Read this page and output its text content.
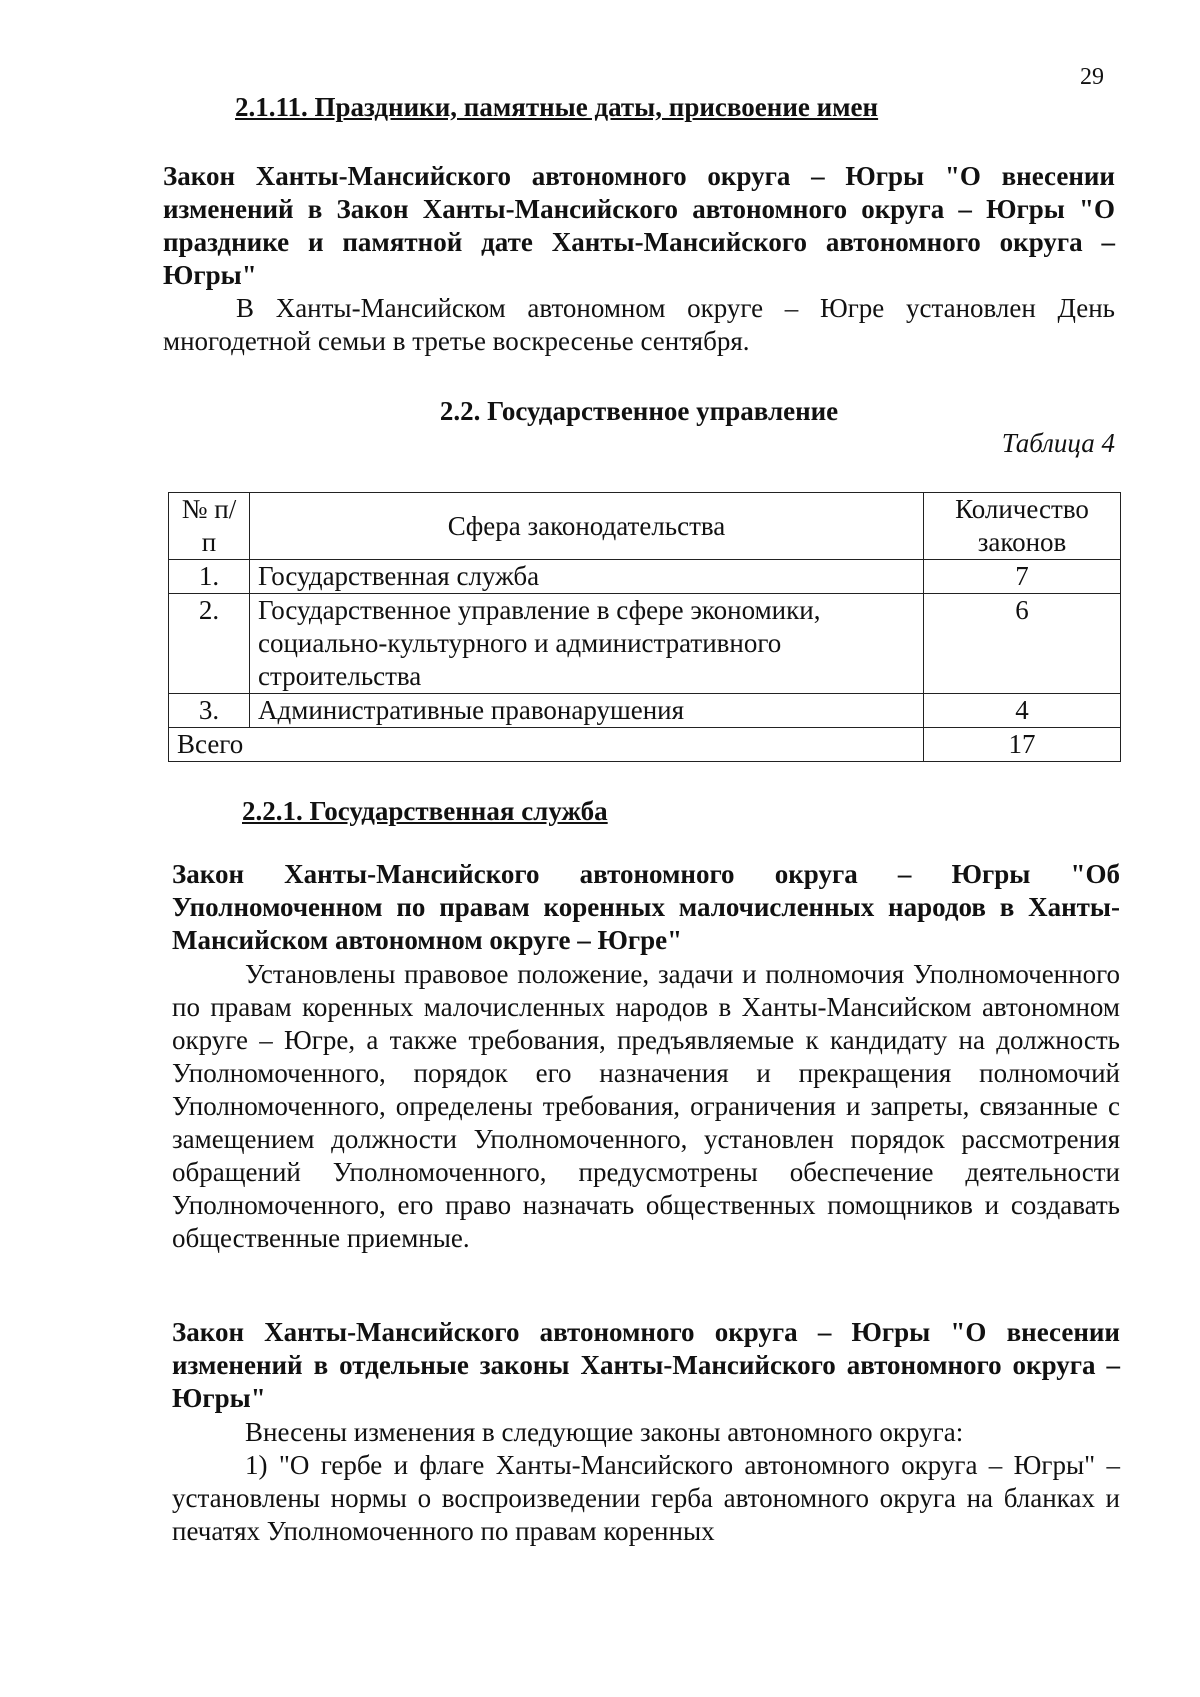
29

2.1.11. Праздники, памятные даты, присвоение имен

Закон Ханты-Мансийского автономного округа – Югры "О внесении изменений в Закон Ханты-Мансийского автономного округа – Югры "О празднике и памятной дате Ханты-Мансийского автономного округа – Югры"

В Ханты-Мансийском автономном округе – Югре установлен День многодетной семьи в третье воскресенье сентября.

2.2. Государственное управление

Таблица 4

№ п/п	Сфера законодательства	Количество законов
1.	Государственная служба	7
2.	Государственное управление в сфере экономики, социально-культурного и административного строительства	6
3.	Административные правонарушения	4
Всего		17

2.2.1. Государственная служба

Закон Ханты-Мансийского автономного округа – Югры "Об Уполномоченном по правам коренных малочисленных народов в Ханты-Мансийском автономном округе – Югре"

Установлены правовое положение, задачи и полномочия Уполномоченного по правам коренных малочисленных народов в Ханты-Мансийском автономном округе – Югре, а также требования, предъявляемые к кандидату на должность Уполномоченного, порядок его назначения и прекращения полномочий Уполномоченного, определены требования, ограничения и запреты, связанные с замещением должности Уполномоченного, установлен порядок рассмотрения обращений Уполномоченного, предусмотрены обеспечение деятельности Уполномоченного, его право назначать общественных помощников и создавать общественные приемные.

Закон Ханты-Мансийского автономного округа – Югры "О внесении изменений в отдельные законы Ханты-Мансийского автономного округа – Югры"

Внесены изменения в следующие законы автономного округа:

1) "О гербе и флаге Ханты-Мансийского автономного округа – Югры" – установлены нормы о воспроизведении герба автономного округа на бланках и печатях Уполномоченного по правам коренных
